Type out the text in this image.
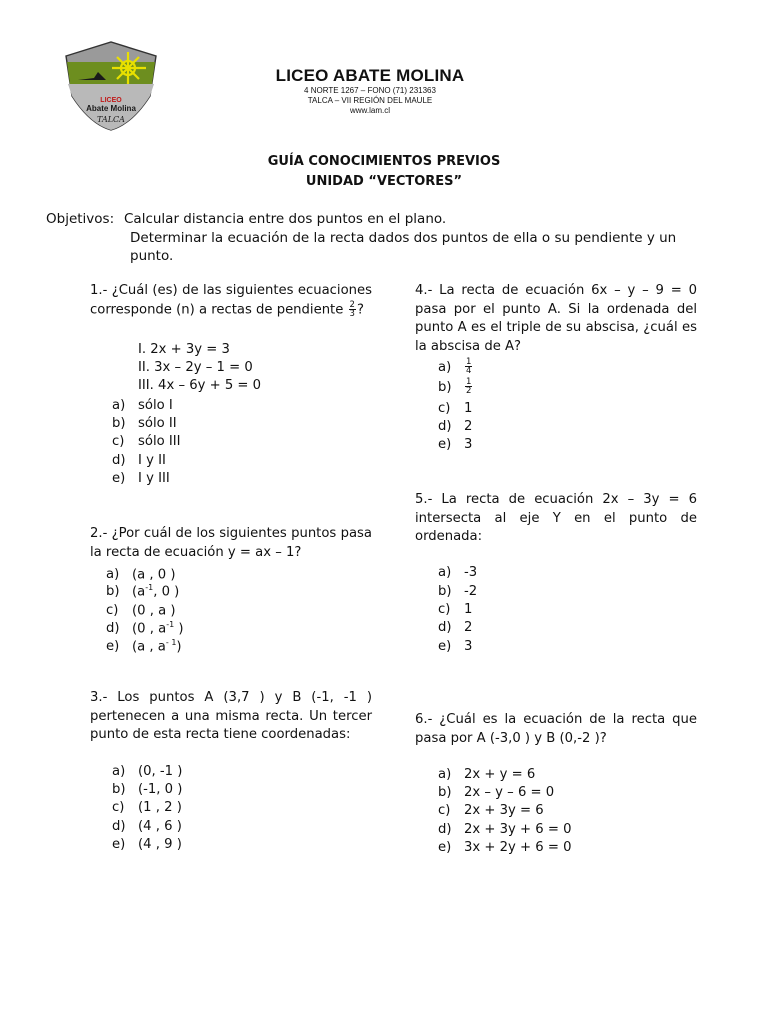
LICEO
Abate Molina
TALCA
LICEO ABATE MOLINA
4 NORTE 1267 – FONO (71) 231363
TALCA – VII REGIÓN DEL MAULE
www.lam.cl
GUÍA CONOCIMIENTOS PREVIOS
UNIDAD “VECTORES”
Objetivos: Calcular distancia entre dos puntos en el plano.
Determinar la ecuación de la recta dados dos puntos de ella o su pendiente y un
punto.
1.- ¿Cuál (es) de las siguientes ecuaciones corresponde (n) a rectas de pendiente $\frac{2}{3}$ ?
I. 2x + 3y = 3
II. 3x – 2y – 1 = 0
III. 4x – 6y + 5 = 0
a) sólo I
b) sólo II
c) sólo III
d) I y II
e) I y III
2.- ¿Por cuál de los siguientes puntos pasa la recta de ecuación y = ax – 1?
a) (a , 0 )
b) ($a^{-1}$, 0 )
c) (0 , a )
d) (0 , $a^{-1}$ )
e) (a , $a^{- 1}$)
3.- Los puntos A (3,7 ) y B (-1, -1 ) pertenecen a una misma recta. Un tercer punto de esta recta tiene coordenadas:
a) (0, -1 )
b) (-1, 0 )
c) (1 , 2 )
d) (4 , 6 )
e) (4 , 9 )
4.- La recta de ecuación 6x – y – 9 = 0 pasa por el punto A. Si la ordenada del punto A es el triple de su abscisa, ¿cuál es la abscisa de A?
$a) \frac{1}{4}$
$b) \frac{1}{2}$
c) 1
d) 2
e) 3
5.- La recta de ecuación 2x – 3y = 6 intersecta al eje Y en el punto de ordenada:
a) -3
b) -2
c) 1
d) 2
e) 3
6.- ¿Cuál es la ecuación de la recta que pasa por A (-3,0 ) y B (0,-2 )?
a) 2x + y = 6
b) 2x – y – 6 = 0
c) 2x + 3y = 6
d) 2x + 3y + 6 = 0
e) 3x + 2y + 6 = 0
